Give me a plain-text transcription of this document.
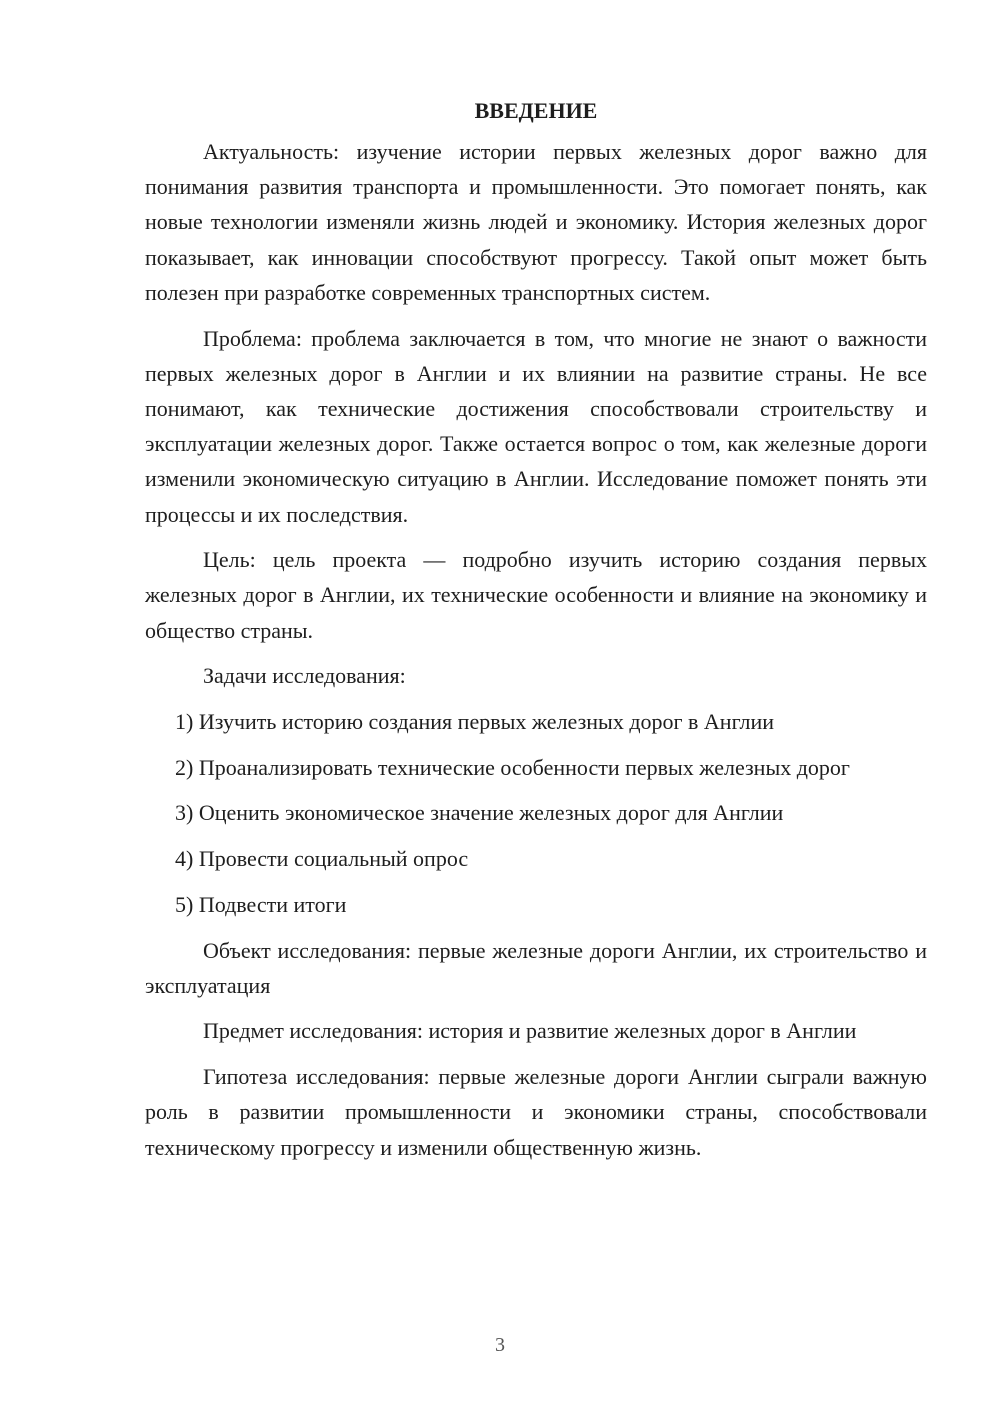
ВВЕДЕНИЕ

Актуальность: изучение истории первых железных дорог важно для понимания развития транспорта и промышленности. Это помогает понять, как новые технологии изменяли жизнь людей и экономику. История железных дорог показывает, как инновации способствуют прогрессу. Такой опыт может быть полезен при разработке современных транспортных систем.

Проблема: проблема заключается в том, что многие не знают о важности первых железных дорог в Англии и их влиянии на развитие страны. Не все понимают, как технические достижения способствовали строительству и эксплуатации железных дорог. Также остается вопрос о том, как железные дороги изменили экономическую ситуацию в Англии. Исследование поможет понять эти процессы и их последствия.

Цель: цель проекта — подробно изучить историю создания первых железных дорог в Англии, их технические особенности и влияние на экономику и общество страны.

Задачи исследования:

1) Изучить историю создания первых железных дорог в Англии

2) Проанализировать технические особенности первых железных дорог

3) Оценить экономическое значение железных дорог для Англии

4) Провести социальный опрос

5) Подвести итоги

Объект исследования: первые железные дороги Англии, их строительство и эксплуатация

Предмет исследования: история и развитие железных дорог в Англии

Гипотеза исследования: первые железные дороги Англии сыграли важную роль в развитии промышленности и экономики страны, способствовали техническому прогрессу и изменили общественную жизнь.

3
